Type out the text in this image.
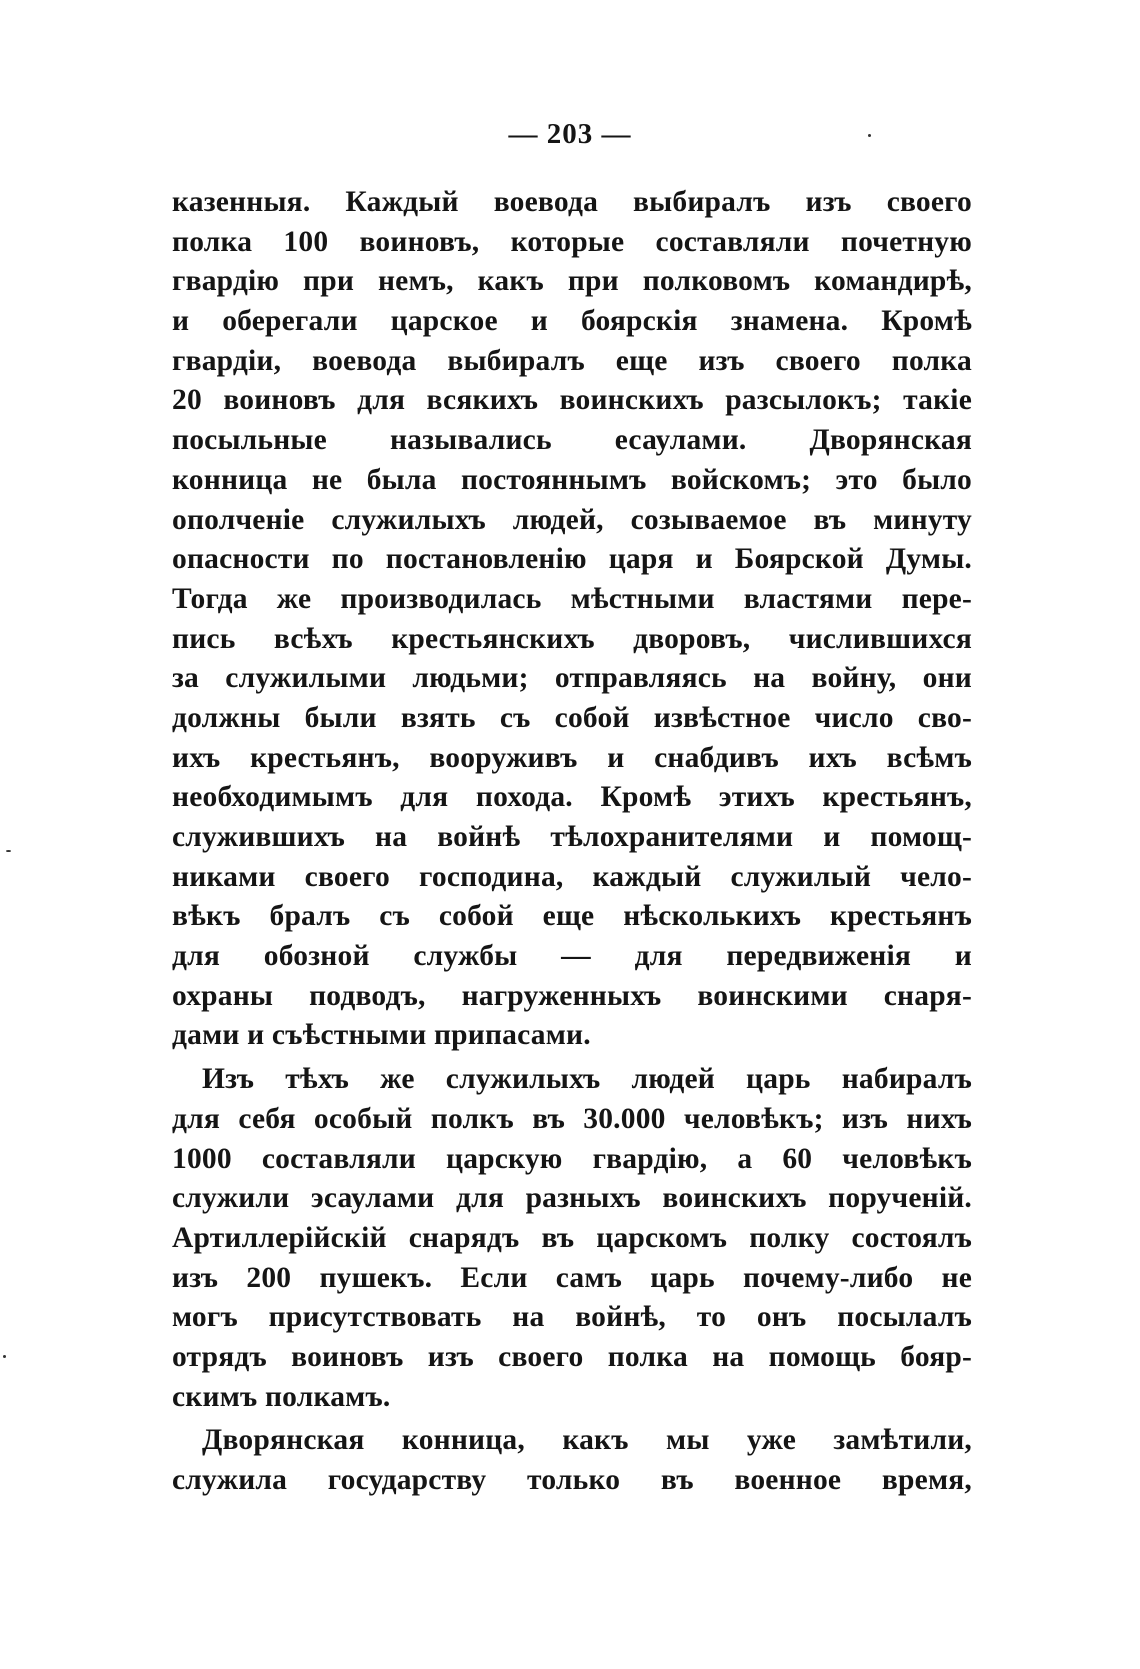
— 203 —
казенныя. Каждый воевода выбиралъ изъ своего
полка 100 воиновъ, которые составляли почетную
гвардію при немъ, какъ при полковомъ командирѣ,
и оберегали царское и боярскія знамена. Кромѣ
гвардіи, воевода выбиралъ еще изъ своего полка
20 воиновъ для всякихъ воинскихъ разсылокъ; такіе
посыльные назывались есаулами. Дворянская
конница не была постояннымъ войскомъ; это было
ополченіе служилыхъ людей, созываемое въ минуту
опасности по постановленію царя и Боярской Думы.
Тогда же производилась мѣстными властями пере-
пись всѣхъ крестьянскихъ дворовъ, числившихся
за служилыми людьми; отправляясь на войну, они
должны были взять съ собой извѣстное число сво-
ихъ крестьянъ, вооруживъ и снабдивъ ихъ всѣмъ
необходимымъ для похода. Кромѣ этихъ крестьянъ,
служившихъ на войнѣ тѣлохранителями и помощ-
никами своего господина, каждый служилый чело-
вѣкъ бралъ съ собой еще нѣсколькихъ крестьянъ
для обозной службы — для передвиженія и
охраны подводъ, нагруженныхъ воинскими снаря-
дами и съѣстными припасами.
Изъ тѣхъ же служилыхъ людей царь набиралъ
для себя особый полкъ въ 30.000 человѣкъ; изъ нихъ
1000 составляли царскую гвардію, а 60 человѣкъ
служили эсаулами для разныхъ воинскихъ порученій.
Артиллерійскій снарядъ въ царскомъ полку состоялъ
изъ 200 пушекъ. Если самъ царь почему-либо не
могъ присутствовать на войнѣ, то онъ посылалъ
отрядъ воиновъ изъ своего полка на помощь бояр-
скимъ полкамъ.
Дворянская конница, какъ мы уже замѣтили,
служила государству только въ военное время,
